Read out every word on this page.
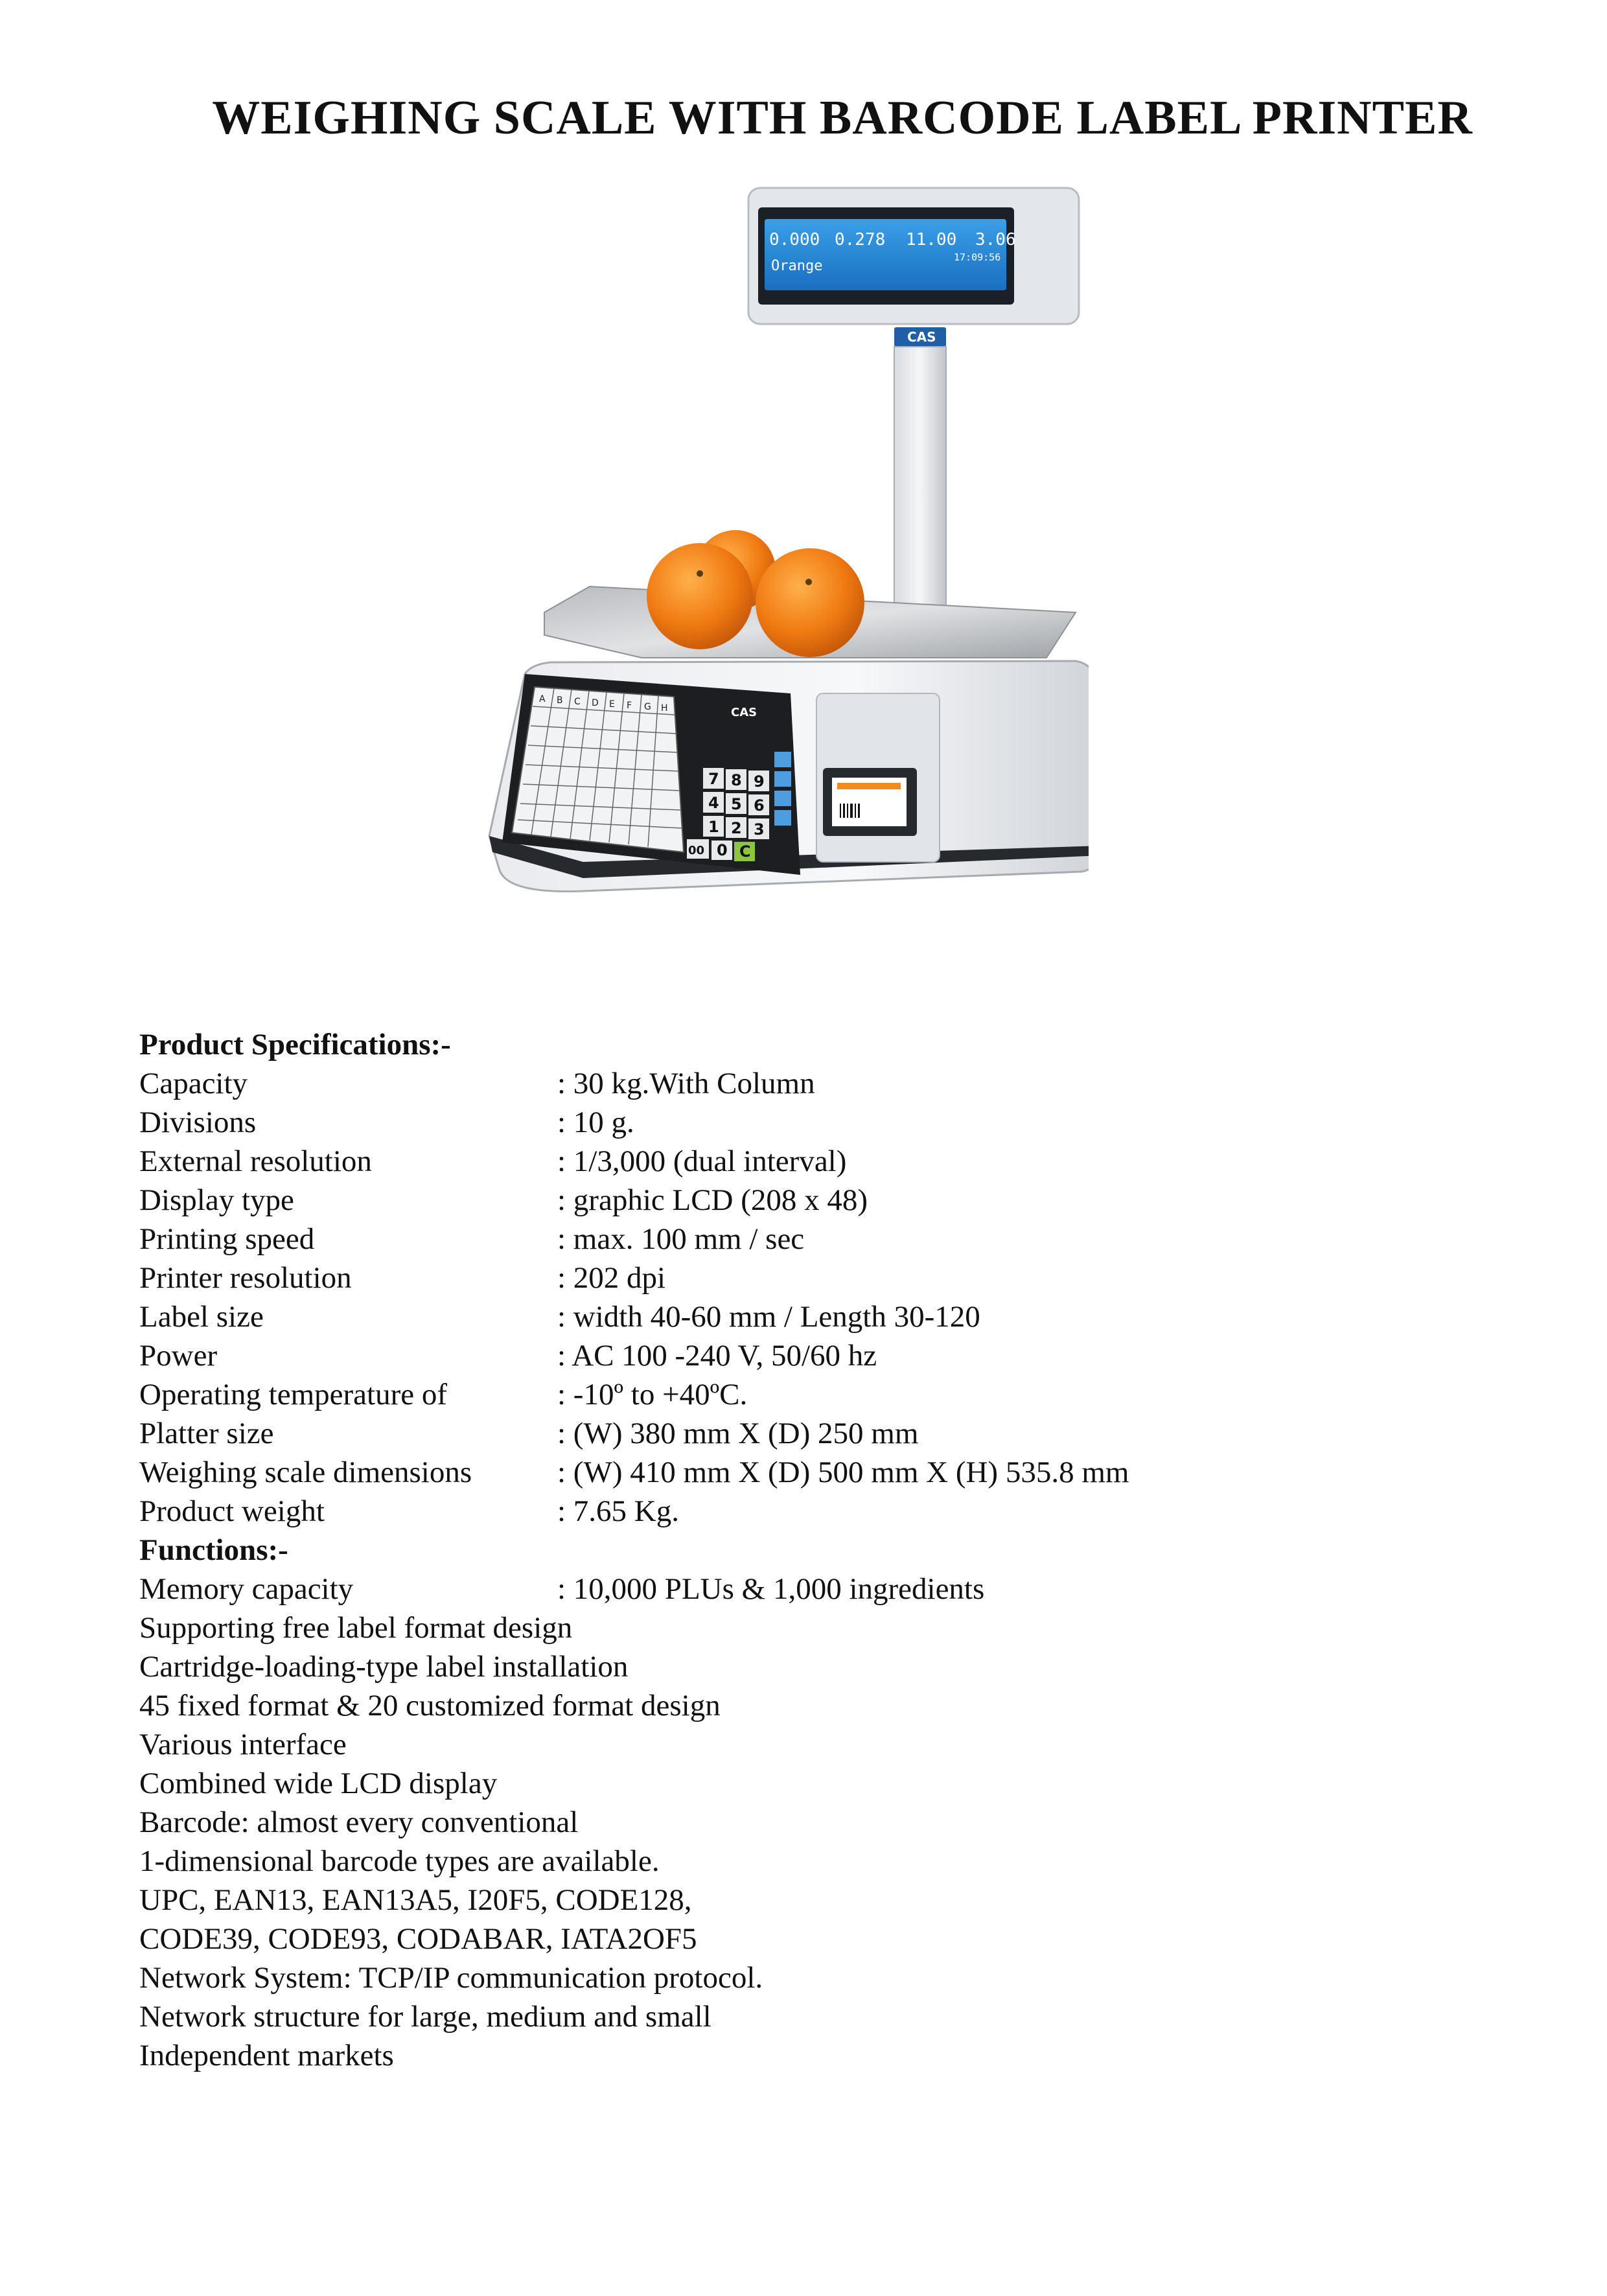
WEIGHING SCALE WITH BARCODE LABEL PRINTER
0.000 0.278 11.00 3.06
Orange
17:09:56
CAS
A B C D E F G H
7 8 9
4 5 6
1 2 3
00 0 C
CAS
Product Specifications:-
Capacity	: 30 kg.With Column
Divisions	: 10 g.
External resolution	: 1/3,000 (dual interval)
Display type	: graphic LCD (208 x 48)
Printing speed	: max. 100 mm / sec
Printer resolution	: 202 dpi
Label size	: width 40-60 mm / Length 30-120
Power	: AC 100 -240 V, 50/60 hz
Operating temperature of	: -10º to +40ºC.
Platter size	: (W) 380 mm X (D) 250 mm
Weighing scale dimensions	: (W) 410 mm X (D) 500 mm X (H) 535.8 mm
Product weight	: 7.65 Kg.
Functions:-
Memory capacity	: 10,000 PLUs & 1,000 ingredients
Supporting free label format design
Cartridge-loading-type label installation
45 fixed format & 20 customized format design
Various interface
Combined wide LCD display
Barcode: almost every conventional
1-dimensional barcode types are available.
UPC, EAN13, EAN13A5, I20F5, CODE128,
CODE39, CODE93, CODABAR, IATA2OF5
Network System: TCP/IP communication protocol.
Network structure for large, medium and small
Independent markets
